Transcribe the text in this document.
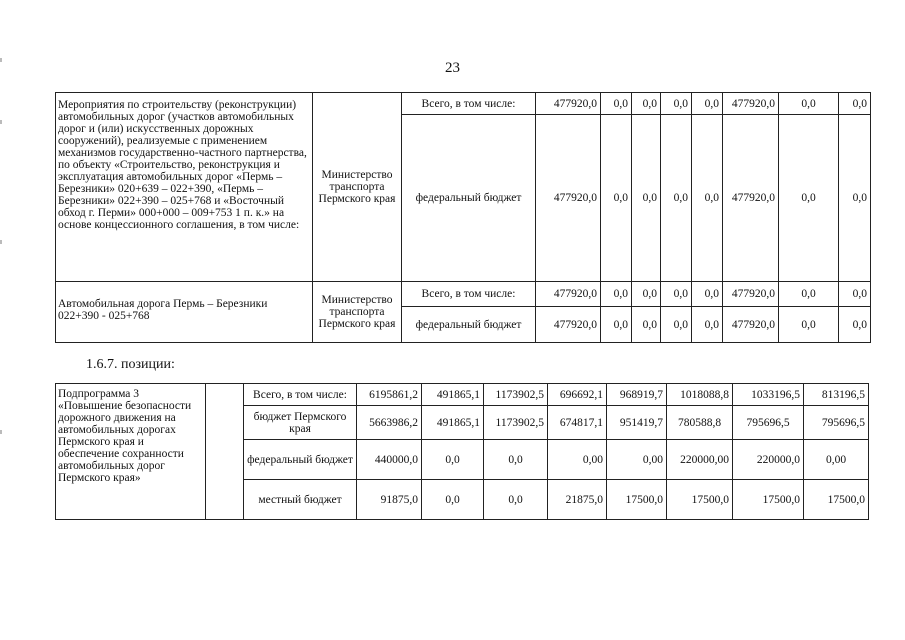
23
Мероприятия по строительству (реконструкции) автомобильных дорог (участков автомобильных дорог и (или) искусственных дорожных сооружений), реализуемые с применением механизмов государственно-частного партнерства, по объекту «Строительство, реконструкция и эксплуатация автомобильных дорог «Пермь – Березники» 020+639 – 022+390, «Пермь – Березники» 022+390 – 025+768 и «Восточный обход г. Перми» 000+000 – 009+753 1 п. к.» на основе концессионного соглашения, в том числе:	Министерство транспорта Пермского края	Всего, в том числе:	477920,0	0,0	0,0	0,0	0,0	477920,0	0,0	0,0
		федеральный бюджет	477920,0	0,0	0,0	0,0	0,0	477920,0	0,0	0,0
Автомобильная дорога Пермь – Березники 022+390 - 025+768	Министерство транспорта Пермского края	Всего, в том числе:	477920,0	0,0	0,0	0,0	0,0	477920,0	0,0	0,0
		федеральный бюджет	477920,0	0,0	0,0	0,0	0,0	477920,0	0,0	0,0
1.6.7. позиции:
Подпрограмма 3 «Повышение безопасности дорожного движения на автомобильных дорогах Пермского края и обеспечение сохранности автомобильных дорог Пермского края»		Всего, в том числе:	6195861,2	491865,1	1173902,5	696692,1	968919,7	1018088,8	1033196,5	813196,5
		бюджет Пермского края	5663986,2	491865,1	1173902,5	674817,1	951419,7	780588,8	795696,5	795696,5
		федеральный бюджет	440000,0	0,0	0,0	0,00	0,00	220000,00	220000,0	0,00
		местный бюджет	91875,0	0,0	0,0	21875,0	17500,0	17500,0	17500,0	17500,0
